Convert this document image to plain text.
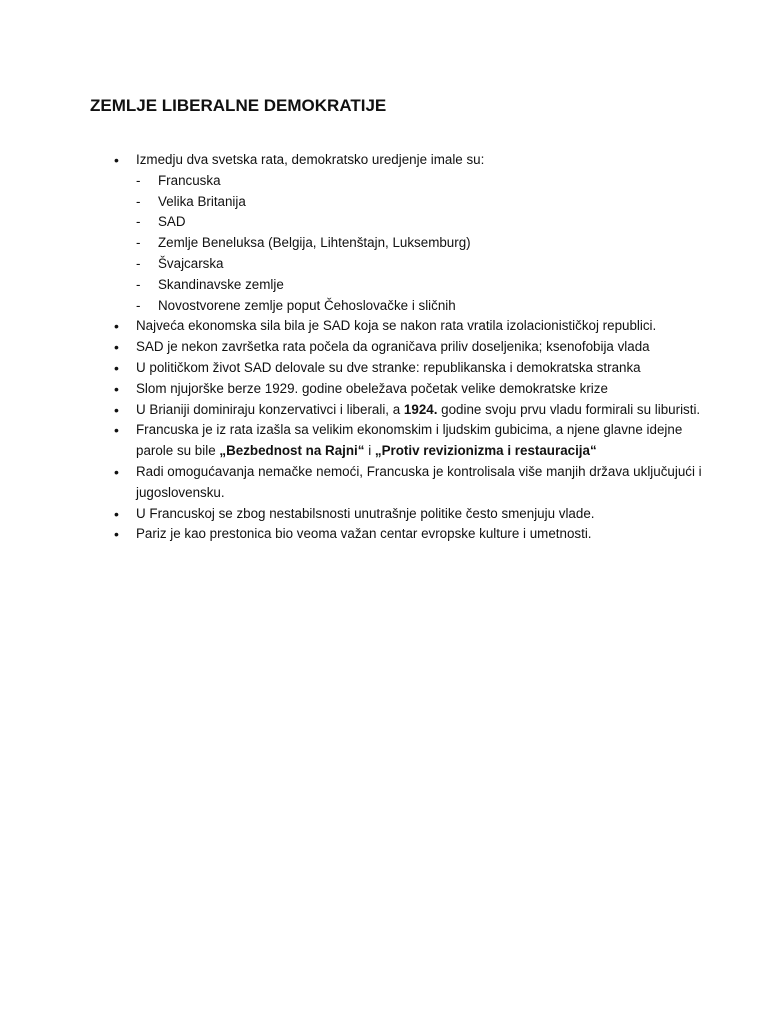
ZEMLJE LIBERALNE DEMOKRATIJE
• Izmedju dva svetska rata, demokratsko uredjenje imale su:
- Francuska
- Velika Britanija
- SAD
- Zemlje Beneluksa (Belgija, Lihtenštajn, Luksemburg)
- Švajcarska
- Skandinavske zemlje
- Novostvorene zemlje poput Čehoslovačke i sličnih
• Najveća ekonomska sila bila je SAD koja se nakon rata vratila izolacionističkoj republici.
• SAD je nekon završetka rata počela da ograničava priliv doseljenika; ksenofobija vlada
• U političkom život SAD delovale su dve stranke: republikanska i demokratska stranka
• Slom njujorške berze 1929. godine obeležava početak velike demokratske krize
• U Brianiji dominiraju konzervativci i liberali, a 1924. godine svoju prvu vladu formirali su liburisti.
• Francuska je iz rata izašla sa velikim ekonomskim i ljudskim gubicima, a njene glavne idejne parole su bile „Bezbednost na Rajni“ i „Protiv revizionizma i restauracija“
• Radi omogućavanja nemačke nemoći, Francuska je kontrolisala više manjih država uključujući i jugoslovensku.
• U Francuskoj se zbog nestabilsnosti unutrašnje politike često smenjuju vlade.
• Pariz je kao prestonica bio veoma važan centar evropske kulture i umetnosti.
